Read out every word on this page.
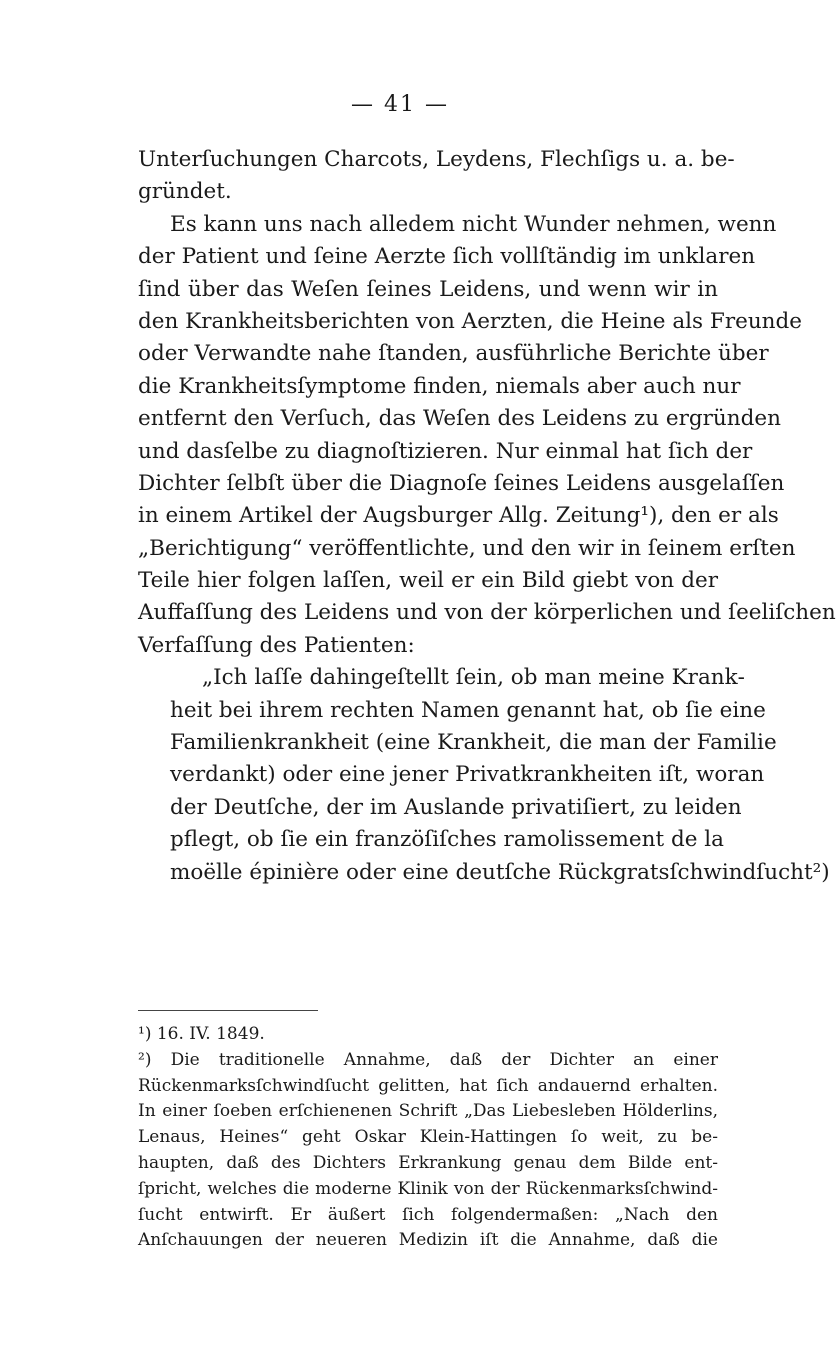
— 41 —
Unterſuchungen Charcots, Leydens, Flechſigs u. a. be‑
gründet.
Es kann uns nach alledem nicht Wunder nehmen, wenn
der Patient und ſeine Aerzte ſich vollſtändig im unklaren
ſind über das Weſen ſeines Leidens, und wenn wir in
den Krankheitsberichten von Aerzten, die Heine als Freunde
oder Verwandte nahe ſtanden, ausführliche Berichte über
die Krankheitsſymptome finden, niemals aber auch nur
entfernt den Verſuch, das Weſen des Leidens zu ergründen
und dasſelbe zu diagnoſtizieren. Nur einmal hat ſich der
Dichter ſelbſt über die Diagnoſe ſeines Leidens ausgelaſſen
in einem Artikel der Augsburger Allg. Zeitung¹), den er als
„Berichtigung“ veröffentlichte, und den wir in ſeinem erſten
Teile hier folgen laſſen, weil er ein Bild giebt von der
Auffaſſung des Leidens und von der körperlichen und ſeeliſchen
Verfaſſung des Patienten:
„Ich laſſe dahingeſtellt ſein, ob man meine Krank‑
heit bei ihrem rechten Namen genannt hat, ob ſie eine
Familienkrankheit (eine Krankheit, die man der Familie
verdankt) oder eine jener Privatkrankheiten iſt, woran
der Deutſche, der im Auslande privatiſiert, zu leiden
pflegt, ob ſie ein franzöſiſches ramolissement de la
moëlle épinière oder eine deutſche Rückgratsſchwindſucht²)
¹) 16. IV. 1849.
²) Die traditionelle Annahme, daß der Dichter an einer
Rückenmarksſchwindſucht gelitten, hat ſich andauernd erhalten.
In einer ſoeben erſchienenen Schrift „Das Liebesleben Hölderlins,
Lenaus, Heines“ geht Oskar Klein‑Hattingen ſo weit, zu be‑
haupten, daß des Dichters Erkrankung genau dem Bilde ent‑
ſpricht, welches die moderne Klinik von der Rückenmarksſchwind‑
ſucht entwirft. Er äußert ſich folgendermaßen: „Nach den
Anſchauungen der neueren Medizin iſt die Annahme, daß die
